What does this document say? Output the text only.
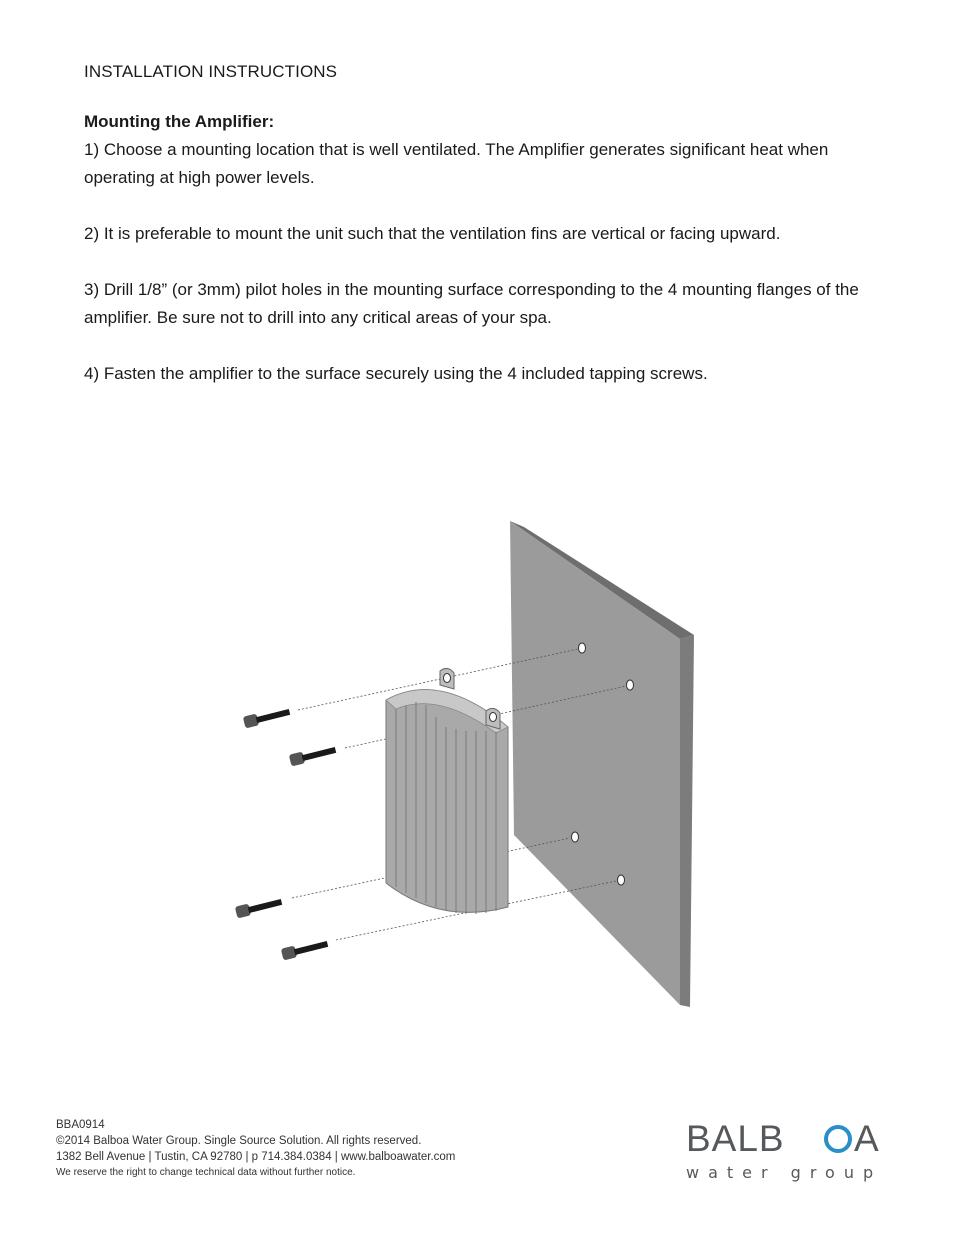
INSTALLATION INSTRUCTIONS

Mounting the Amplifier:

1) Choose a mounting location that is well ventilated. The Amplifier generates significant heat when operating at high power levels.

2) It is preferable to mount the unit such that the ventilation fins are vertical or facing upward.

3) Drill 1/8” (or 3mm) pilot holes in the mounting surface corresponding to the 4 mounting flanges of the amplifier. Be sure not to drill into any critical areas of your spa.

4) Fasten the amplifier to the surface securely using the 4 included tapping screws.

BBA0914
©2014 Balboa Water Group. Single Source Solution. All rights reserved.
1382 Bell Avenue | Tustin, CA 92780 | p 714.384.0384 | www.balboawater.com
We reserve the right to change technical data without further notice.
BALB A
water group
